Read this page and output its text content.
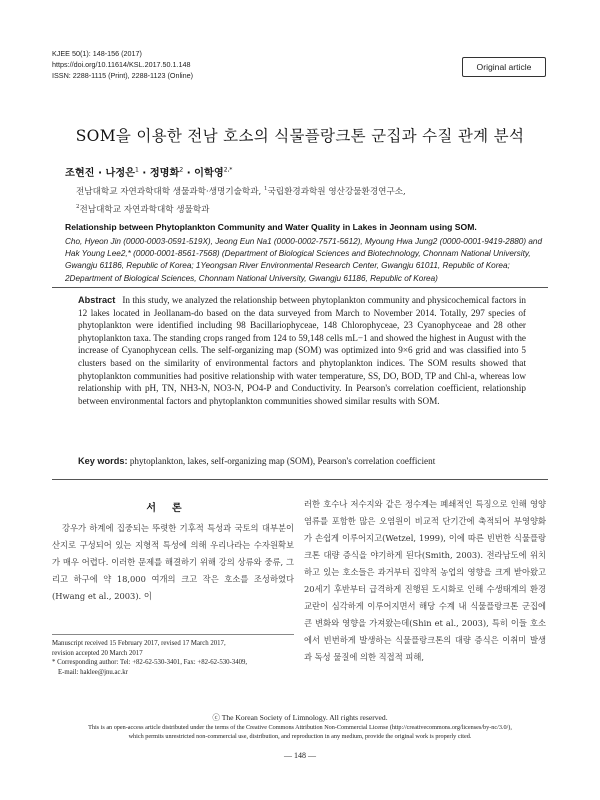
KJEE 50(1): 148-156 (2017)
https://doi.org/10.11614/KSL.2017.50.1.148
ISSN: 2288-1115 (Print), 2288-1123 (Online)
Original article
SOM을 이용한 전남 호소의 식물플랑크톤 군집과 수질 관계 분석
조현진 · 나정은$^1$ · 정명화$^2$ · 이학영$^{2,*}$
전남대학교 자연과학대학 생물과학·생명기술학과, $^1$국립환경과학원 영산강물환경연구소,
$^2$전남대학교 자연과학대학 생물학과
Relationship between Phytoplankton Community and Water Quality in Lakes in Jeonnam using SOM.
Cho, Hyeon Jin (0000-0003-0591-519X), Jeong Eun Na1 (0000-0002-7571-5612), Myoung Hwa Jung2 (0000-0001-9419-2880) and Hak Young Lee2,* (0000-0001-8561-7568) (Department of Biological Sciences and Biotechnology, Chonnam National University, Gwangju 61186, Republic of Korea; 1Yeongsan River Environmental Research Center, Gwangju 61011, Republic of Korea; 2Department of Biological Sciences, Chonnam National University, Gwangju 61186, Republic of Korea)
Abstract In this study, we analyzed the relationship between phytoplankton community and physicochemical factors in 12 lakes located in Jeollanam-do based on the data surveyed from March to November 2014. Totally, 297 species of phytoplankton were identified including 98 Bacillariophyceae, 148 Chlorophyceae, 23 Cyanophyceae and 28 other phytoplankton taxa. The standing crops ranged from 124 to 59,148 cells mL−1 and showed the highest in August with the increase of Cyanophycean cells. The self-organizing map (SOM) was optimized into 9×6 grid and was classified into 5 clusters based on the similarity of environmental factors and phytoplankton indices. The SOM results showed that phytoplankton communities had positive relationship with water temperature, SS, DO, BOD, TP and Chl-a, whereas low relationship with pH, TN, NH3-N, NO3-N, PO4-P and Conductivity. In Pearson's correlation coefficient, relationship between environmental factors and phytoplankton communities showed similar results with SOM.
Key words: phytoplankton, lakes, self-organizing map (SOM), Pearson's correlation coefficient
서론

강우가 하계에 집중되는 뚜렷한 기후적 특성과 국토의 대부분이 산지로 구성되어 있는 지형적 특성에 의해 우리나라는 수자원확보가 매우 어렵다. 이러한 문제를 해결하기 위해 강의 상류와 중류, 그리고 하구에 약 18,000 여개의 크고 작은 호소를 조성하였다(Hwang et al., 2003). 이

러한 호수나 저수지와 같은 정수계는 폐쇄적인 특징으로 인해 영양염류를 포함한 많은 오염원이 비교적 단기간에 축적되어 부영양화가 손쉽게 이루어지고(Wetzel, 1999), 이에 따른 빈번한 식물플랑크톤 대량 증식을 야기하게 된다(Smith, 2003). 전라남도에 위치하고 있는 호소들은 과거부터 집약적 농업의 영향을 크게 받아왔고 20세기 후반부터 급격하게 진행된 도시화로 인해 수생태계의 환경교란이 심각하게 이루어지면서 해당 수계 내 식물플랑크톤 군집에 큰 변화와 영향을 가져왔는데(Shin et al., 2003), 특히 이들 호소에서 빈번하게 발생하는 식물플랑크톤의 대량 증식은 이취미 발생과 독성 물질에 의한 직접적 피해,

Manuscript received 15 February 2017, revised 17 March 2017,
revision accepted 20 March 2017
* Corresponding author: Tel: +82-62-530-3401, Fax: +82-62-530-3409,
E-mail: haklee@jnu.ac.kr
ⓒ The Korean Society of Limnology. All rights reserved.
This is an open-access article distributed under the terms of the Creative Commons Attribution Non-Commercial License (http://creativecommons.org/licenses/by-nc/3.0/),
which permits unrestricted non-commercial use, distribution, and reproduction in any medium, provide the original work is properly cited.
— 148 —
